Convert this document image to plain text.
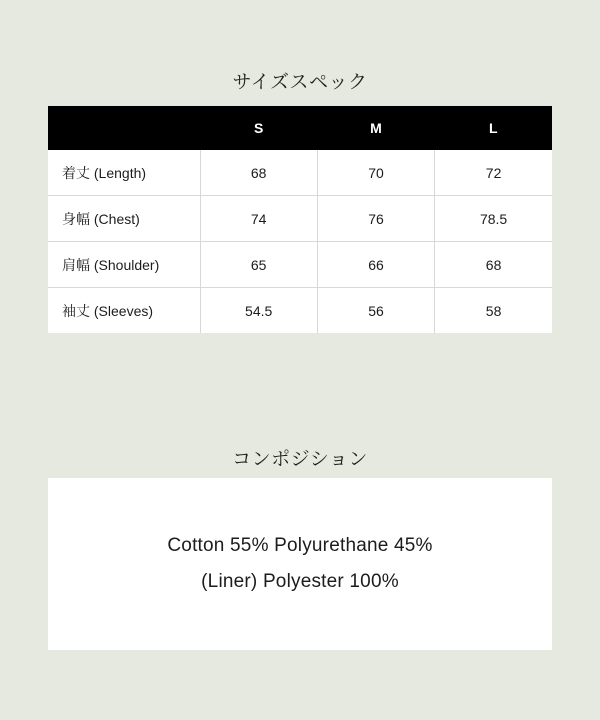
サイズスペック
	S	M	L
着丈 (Length)	68	70	72
身幅 (Chest)	74	76	78.5
肩幅 (Shoulder)	65	66	68
袖丈 (Sleeves)	54.5	56	58
コンポジション
Cotton 55% Polyurethane 45%
(Liner) Polyester 100%
